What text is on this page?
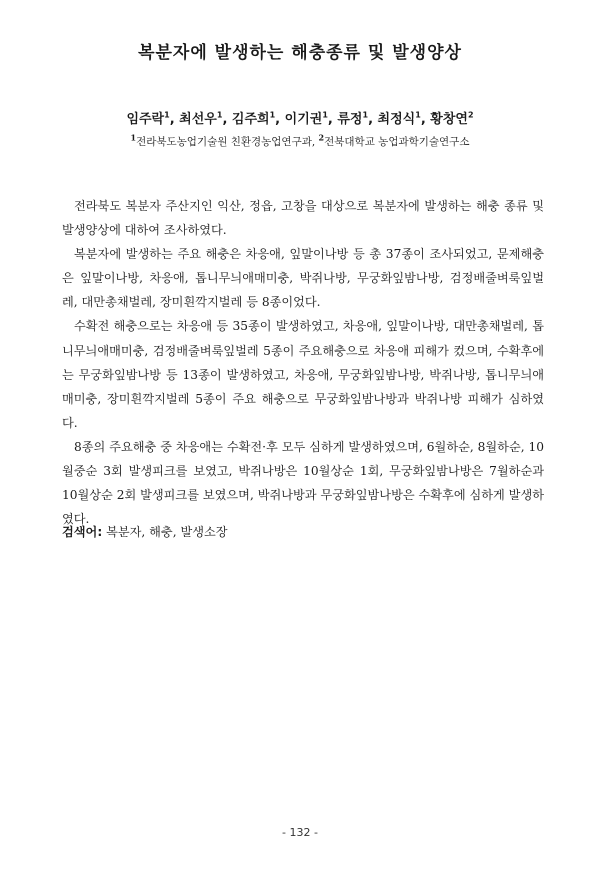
복분자에 발생하는 해충종류 및 발생양상
임주락$^1$, 최선우$^1$, 김주희$^1$, 이기권$^1$, 류정$^1$, 최정식$^1$, 황창연$^2$
$^1$전라북도농업기술원 친환경농업연구과, $^2$전북대학교 농업과학기술연구소

전라북도 복분자 주산지인 익산, 정읍, 고창을 대상으로 복분자에 발생하는 해충 종류 및 발생양상에 대하여 조사하였다.

복분자에 발생하는 주요 해충은 차응애, 잎말이나방 등 총 37종이 조사되었고, 문제해충은 잎말이나방, 차응애, 톱니무늬애매미충, 박쥐나방, 무궁화잎밤나방, 검정배줄벼룩잎벌레, 대만총채벌레, 장미흰깍지벌레 등 8종이었다.

수확전 해충으로는 차응애 등 35종이 발생하였고, 차응애, 잎말이나방, 대만총채벌레, 톱니무늬애매미충, 검정배줄벼룩잎벌레 5종이 주요해충으로 차응애 피해가 컸으며, 수확후에는 무궁화잎밤나방 등 13종이 발생하였고, 차응애, 무궁화잎밤나방, 박쥐나방, 톱니무늬애매미충, 장미흰깍지벌레 5종이 주요 해충으로 무궁화잎밤나방과 박쥐나방 피해가 심하였다.

8종의 주요해충 중 차응애는 수확전·후 모두 심하게 발생하였으며, 6월하순, 8월하순, 10월중순 3회 발생피크를 보였고, 박쥐나방은 10월상순 1회, 무궁화잎밤나방은 7월하순과 10월상순 2회 발생피크를 보였으며, 박쥐나방과 무궁화잎밤나방은 수확후에 심하게 발생하였다.

검색어: 복분자, 해충, 발생소장
- 132 -
